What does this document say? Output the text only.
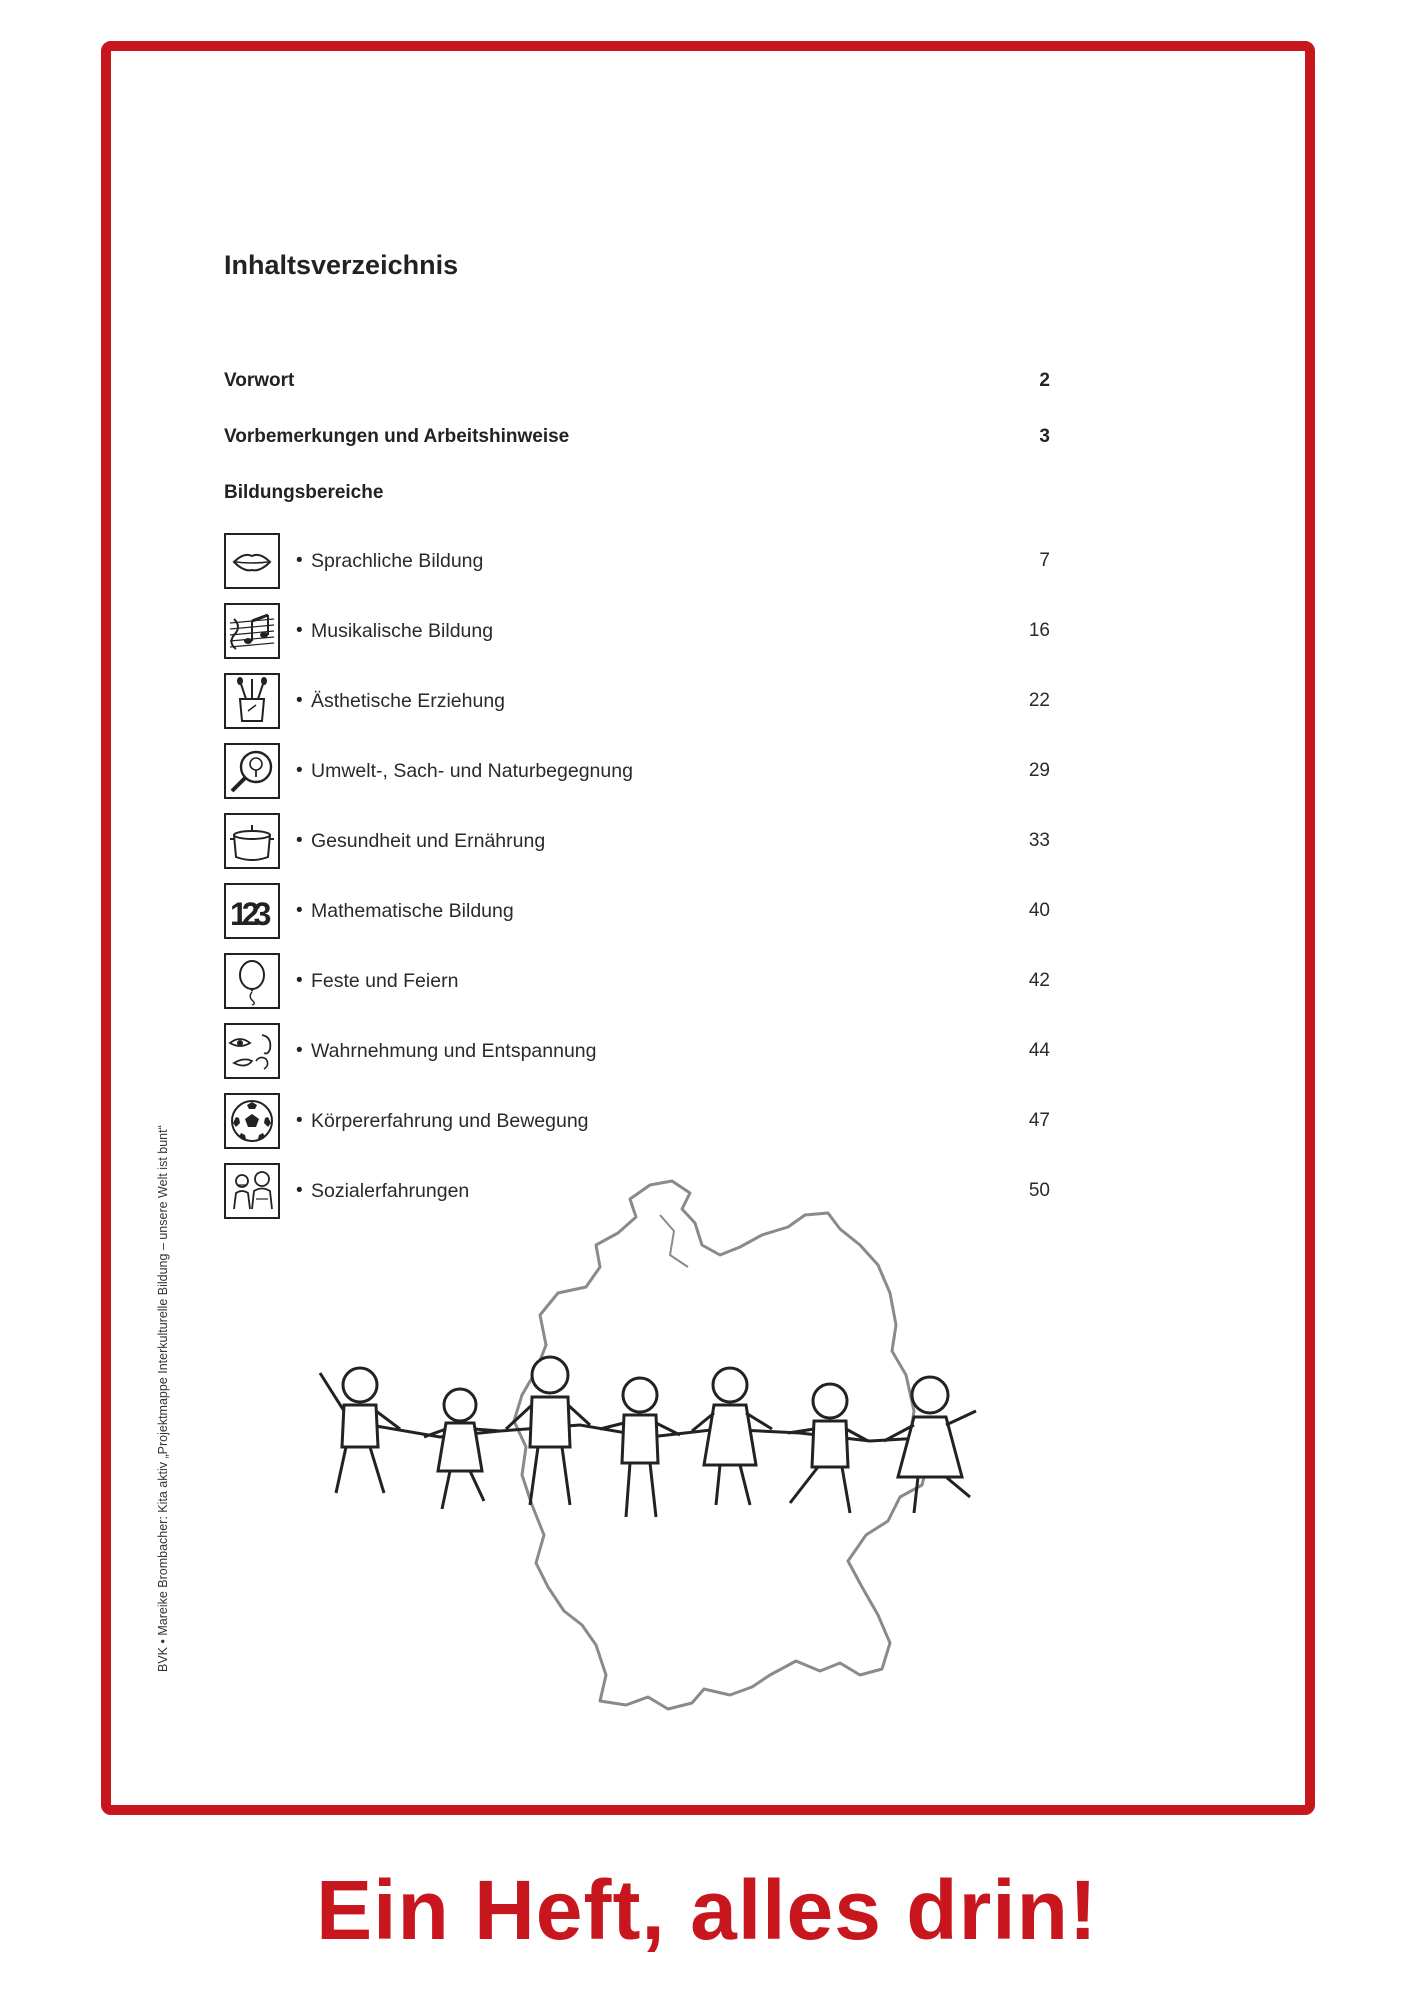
Inhaltsverzeichnis
Vorwort	2
Vorbemerkungen und Arbeitshinweise	3
Bildungsbereiche
• Sprachliche Bildung	7
• Musikalische Bildung	16
• Ästhetische Erziehung	22
• Umwelt-, Sach- und Naturbegegnung	29
• Gesundheit und Ernährung	33
123 • Mathematische Bildung	40
• Feste und Feiern	42
• Wahrnehmung und Entspannung	44
• Körpererfahrung und Bewegung	47
• Sozialerfahrungen	50
BVK • Mareike Brombacher: Kita aktiv „Projektmappe Interkulturelle Bildung – unsere Welt ist bunt“
Ein Heft, alles drin!
